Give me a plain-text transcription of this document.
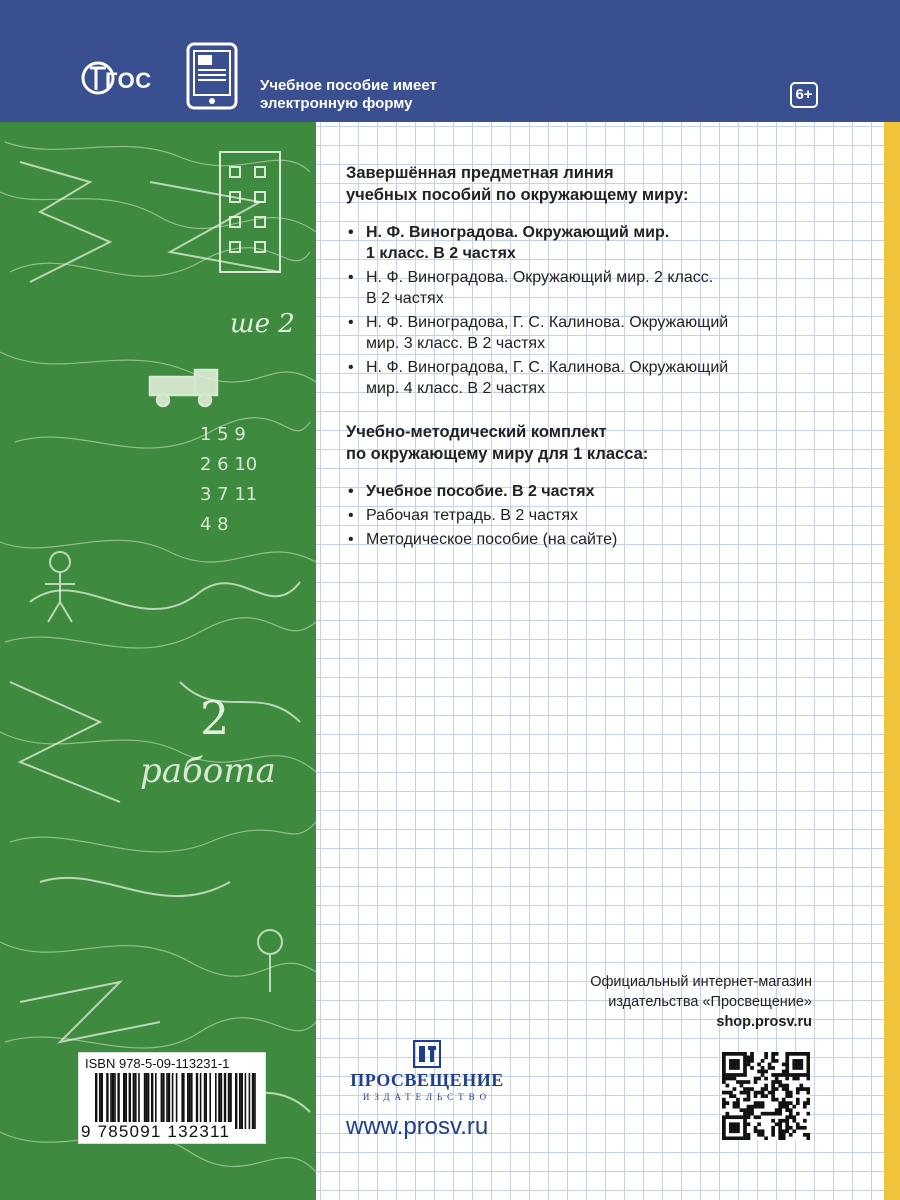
ГОС	Учебное пособие имеет
электронную форму
6+
ше 2
1 5 9
2 6 10
3 7 11
4 8
2
работа
Завершённая предметная линия
учебных пособий по окружающему миру:
• Н. Ф. Виноградова. Окружающий мир.
1 класс. В 2 частях
• Н. Ф. Виноградова. Окружающий мир. 2 класс.
В 2 частях
• Н. Ф. Виноградова, Г. С. Калинова. Окружающий
мир. 3 класс. В 2 частях
• Н. Ф. Виноградова, Г. С. Калинова. Окружающий
мир. 4 класс. В 2 частях
Учебно-методический комплект
по окружающему миру для 1 класса:
• Учебное пособие. В 2 частях
• Рабочая тетрадь. В 2 частях
• Методическое пособие (на сайте)
Официальный интернет-магазин
издательства «Просвещение»
shop.prosv.ru
ПРОСВЕЩЕНИЕ
ИЗДАТЕЛЬСТВО
www.prosv.ru
ISBN 978-5-09-113231-1
9 785091 132311
